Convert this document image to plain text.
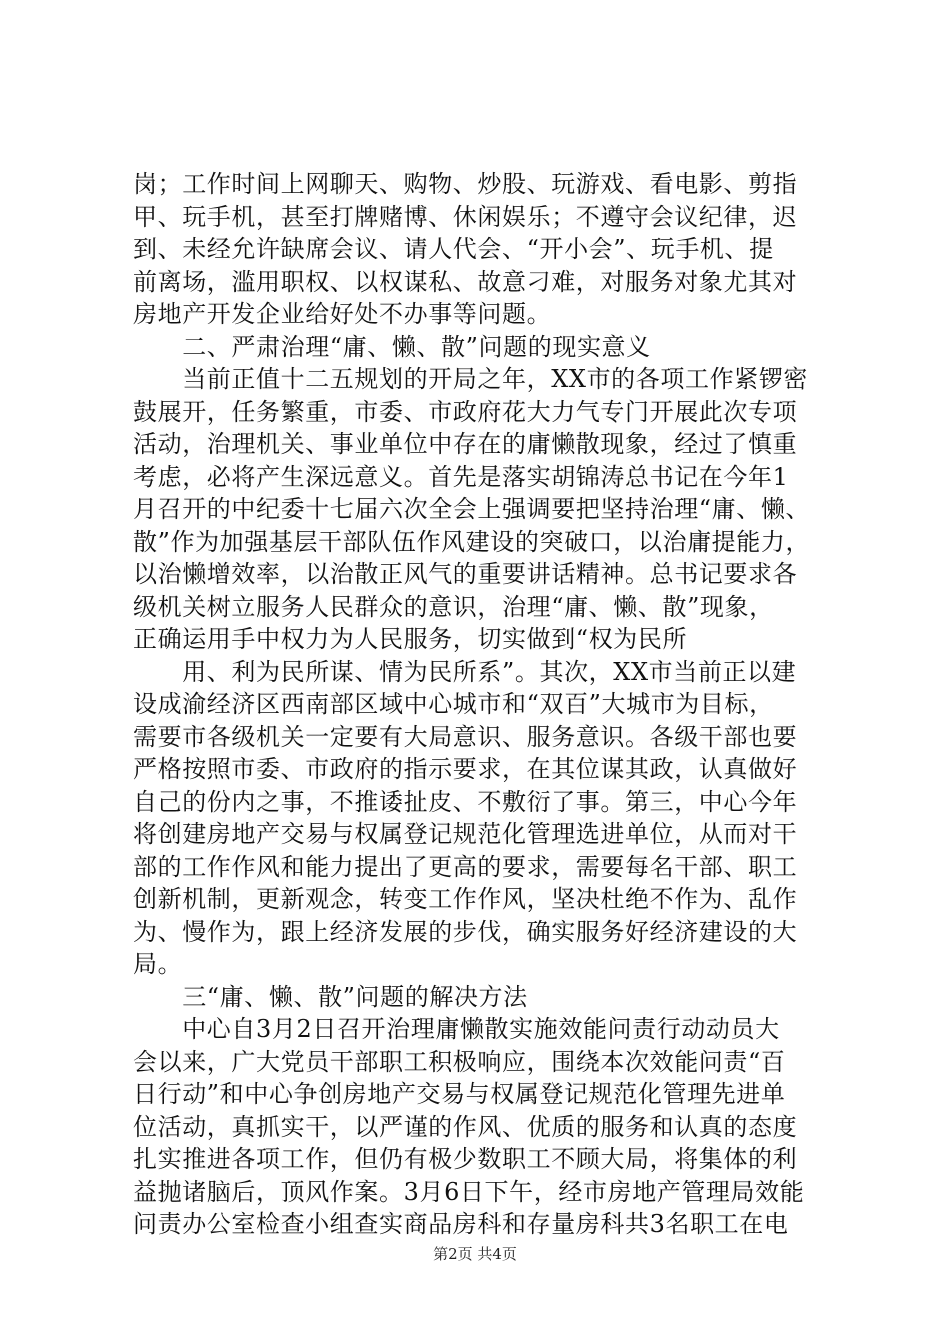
岗；工作时间上网聊天、购物、炒股、玩游戏、看电影、剪指
甲、玩手机，甚至打牌赌博、休闲娱乐；不遵守会议纪律，迟
到、未经允许缺席会议、请人代会、“开小会”、玩手机、提
前离场，滥用职权、以权谋私、故意刁难，对服务对象尤其对
房地产开发企业给好处不办事等问题。
　　二、严肃治理“庸、懒、散”问题的现实意义
　　当前正值十二五规划的开局之年，XX市的各项工作紧锣密
鼓展开，任务繁重，市委、市政府花大力气专门开展此次专项
活动，治理机关、事业单位中存在的庸懒散现象，经过了慎重
考虑，必将产生深远意义。首先是落实胡锦涛总书记在今年1
月召开的中纪委十七届六次全会上强调要把坚持治理“庸、懒、
散”作为加强基层干部队伍作风建设的突破口，以治庸提能力，
以治懒增效率，以治散正风气的重要讲话精神。总书记要求各
级机关树立服务人民群众的意识，治理“庸、懒、散”现象，
正确运用手中权力为人民服务，切实做到“权为民所
　　用、利为民所谋、情为民所系”。其次，XX市当前正以建
设成渝经济区西南部区域中心城市和“双百”大城市为目标，
需要市各级机关一定要有大局意识、服务意识。各级干部也要
严格按照市委、市政府的指示要求，在其位谋其政，认真做好
自己的份内之事，不推诿扯皮、不敷衍了事。第三，中心今年
将创建房地产交易与权属登记规范化管理选进单位，从而对干
部的工作作风和能力提出了更高的要求，需要每名干部、职工
创新机制，更新观念，转变工作作风，坚决杜绝不作为、乱作
为、慢作为，跟上经济发展的步伐，确实服务好经济建设的大
局。
　　三“庸、懒、散”问题的解决方法
　　中心自3月2日召开治理庸懒散实施效能问责行动动员大
会以来，广大党员干部职工积极响应，围绕本次效能问责“百
日行动”和中心争创房地产交易与权属登记规范化管理先进单
位活动，真抓实干，以严谨的作风、优质的服务和认真的态度
扎实推进各项工作，但仍有极少数职工不顾大局，将集体的利
益抛诸脑后，顶风作案。3月6日下午，经市房地产管理局效能
问责办公室检查小组查实商品房科和存量房科共3名职工在电
第2页 共4页
